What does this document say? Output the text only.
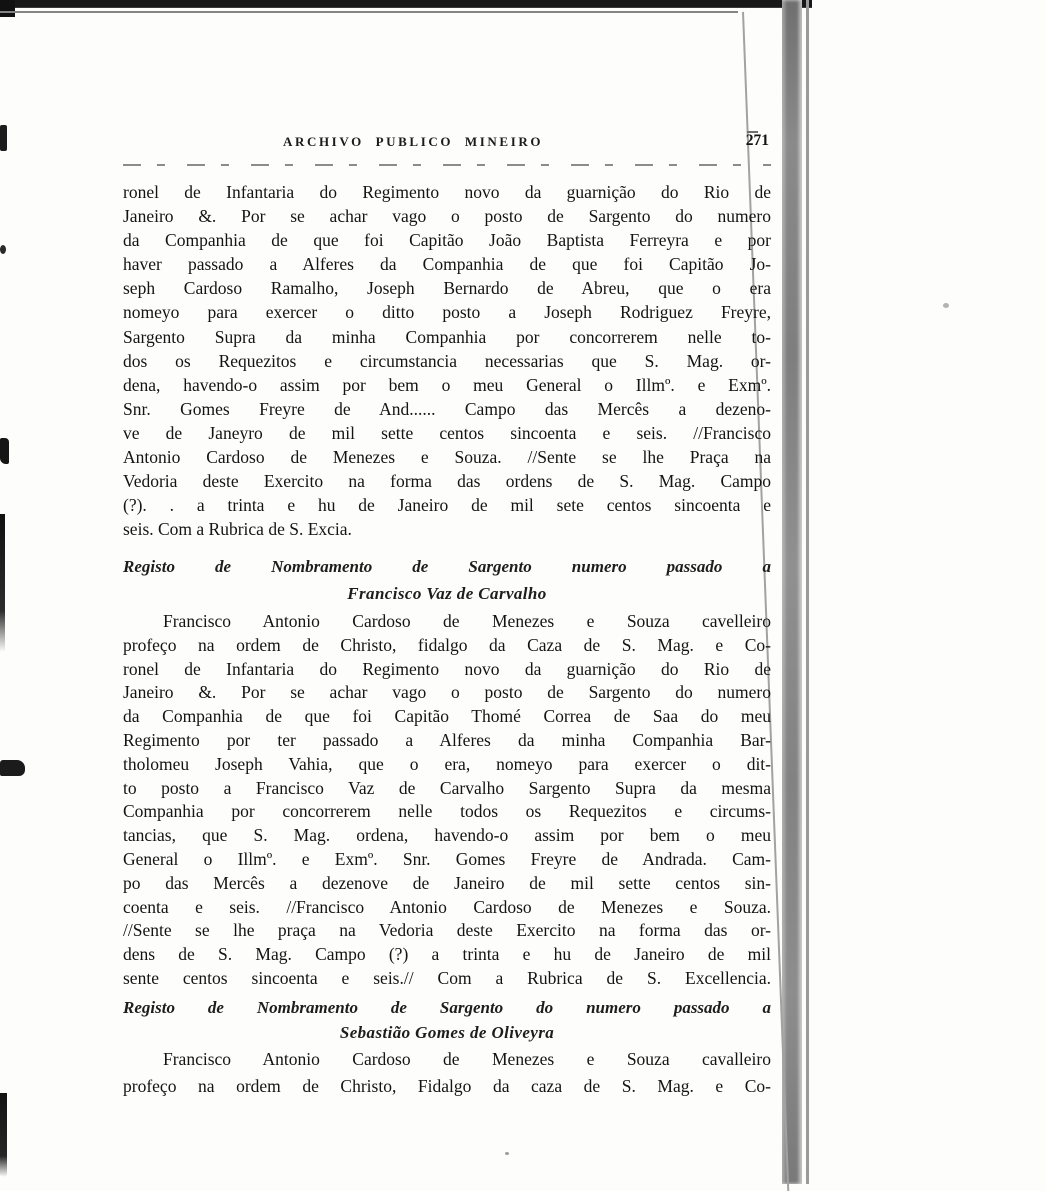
ARCHIVO PUBLICO MINEIRO	271
ronel de Infantaria do Regimento novo da guarnição do Rio de
Janeiro &. Por se achar vago o posto de Sargento do numero
da Companhia de que foi Capitão João Baptista Ferreyra e por
haver passado a Alferes da Companhia de que foi Capitão Jo-
seph Cardoso Ramalho, Joseph Bernardo de Abreu, que o era
nomeyo para exercer o ditto posto a Joseph Rodriguez Freyre,
Sargento Supra da minha Companhia por concorrerem nelle to-
dos os Requezitos e circumstancia necessarias que S. Mag. or-
dena, havendo-o assim por bem o meu General o Illmº. e Exmº.
Snr. Gomes Freyre de And...... Campo das Mercês a dezeno-
ve de Janeyro de mil sette centos sincoenta e seis. //Francisco
Antonio Cardoso de Menezes e Souza. //Sente se lhe Praça na
Vedoria deste Exercito na forma das ordens de S. Mag. Campo
(?). . a trinta e hu de Janeiro de mil sete centos sincoenta e
seis. Com a Rubrica de S. Excia.
Registo de Nombramento de Sargento numero passado a
Francisco Vaz de Carvalho
Francisco Antonio Cardoso de Menezes e Souza cavelleiro
profeço na ordem de Christo, fidalgo da Caza de S. Mag. e Co-
ronel de Infantaria do Regimento novo da guarnição do Rio de
Janeiro &. Por se achar vago o posto de Sargento do numero
da Companhia de que foi Capitão Thomé Correa de Saa do meu
Regimento por ter passado a Alferes da minha Companhia Bar-
tholomeu Joseph Vahia, que o era, nomeyo para exercer o dit-
to posto a Francisco Vaz de Carvalho Sargento Supra da mesma
Companhia por concorrerem nelle todos os Requezitos e circums-
tancias, que S. Mag. ordena, havendo-o assim por bem o meu
General o Illmº. e Exmº. Snr. Gomes Freyre de Andrada. Cam-
po das Mercês a dezenove de Janeiro de mil sette centos sin-
coenta e seis. //Francisco Antonio Cardoso de Menezes e Souza.
//Sente se lhe praça na Vedoria deste Exercito na forma das or-
dens de S. Mag. Campo (?) a trinta e hu de Janeiro de mil
sente centos sincoenta e seis.// Com a Rubrica de S. Excellencia.
Registo de Nombramento de Sargento do numero passado a
Sebastião Gomes de Oliveyra
Francisco Antonio Cardoso de Menezes e Souza cavalleiro
profeço na ordem de Christo, Fidalgo da caza de S. Mag. e Co-
